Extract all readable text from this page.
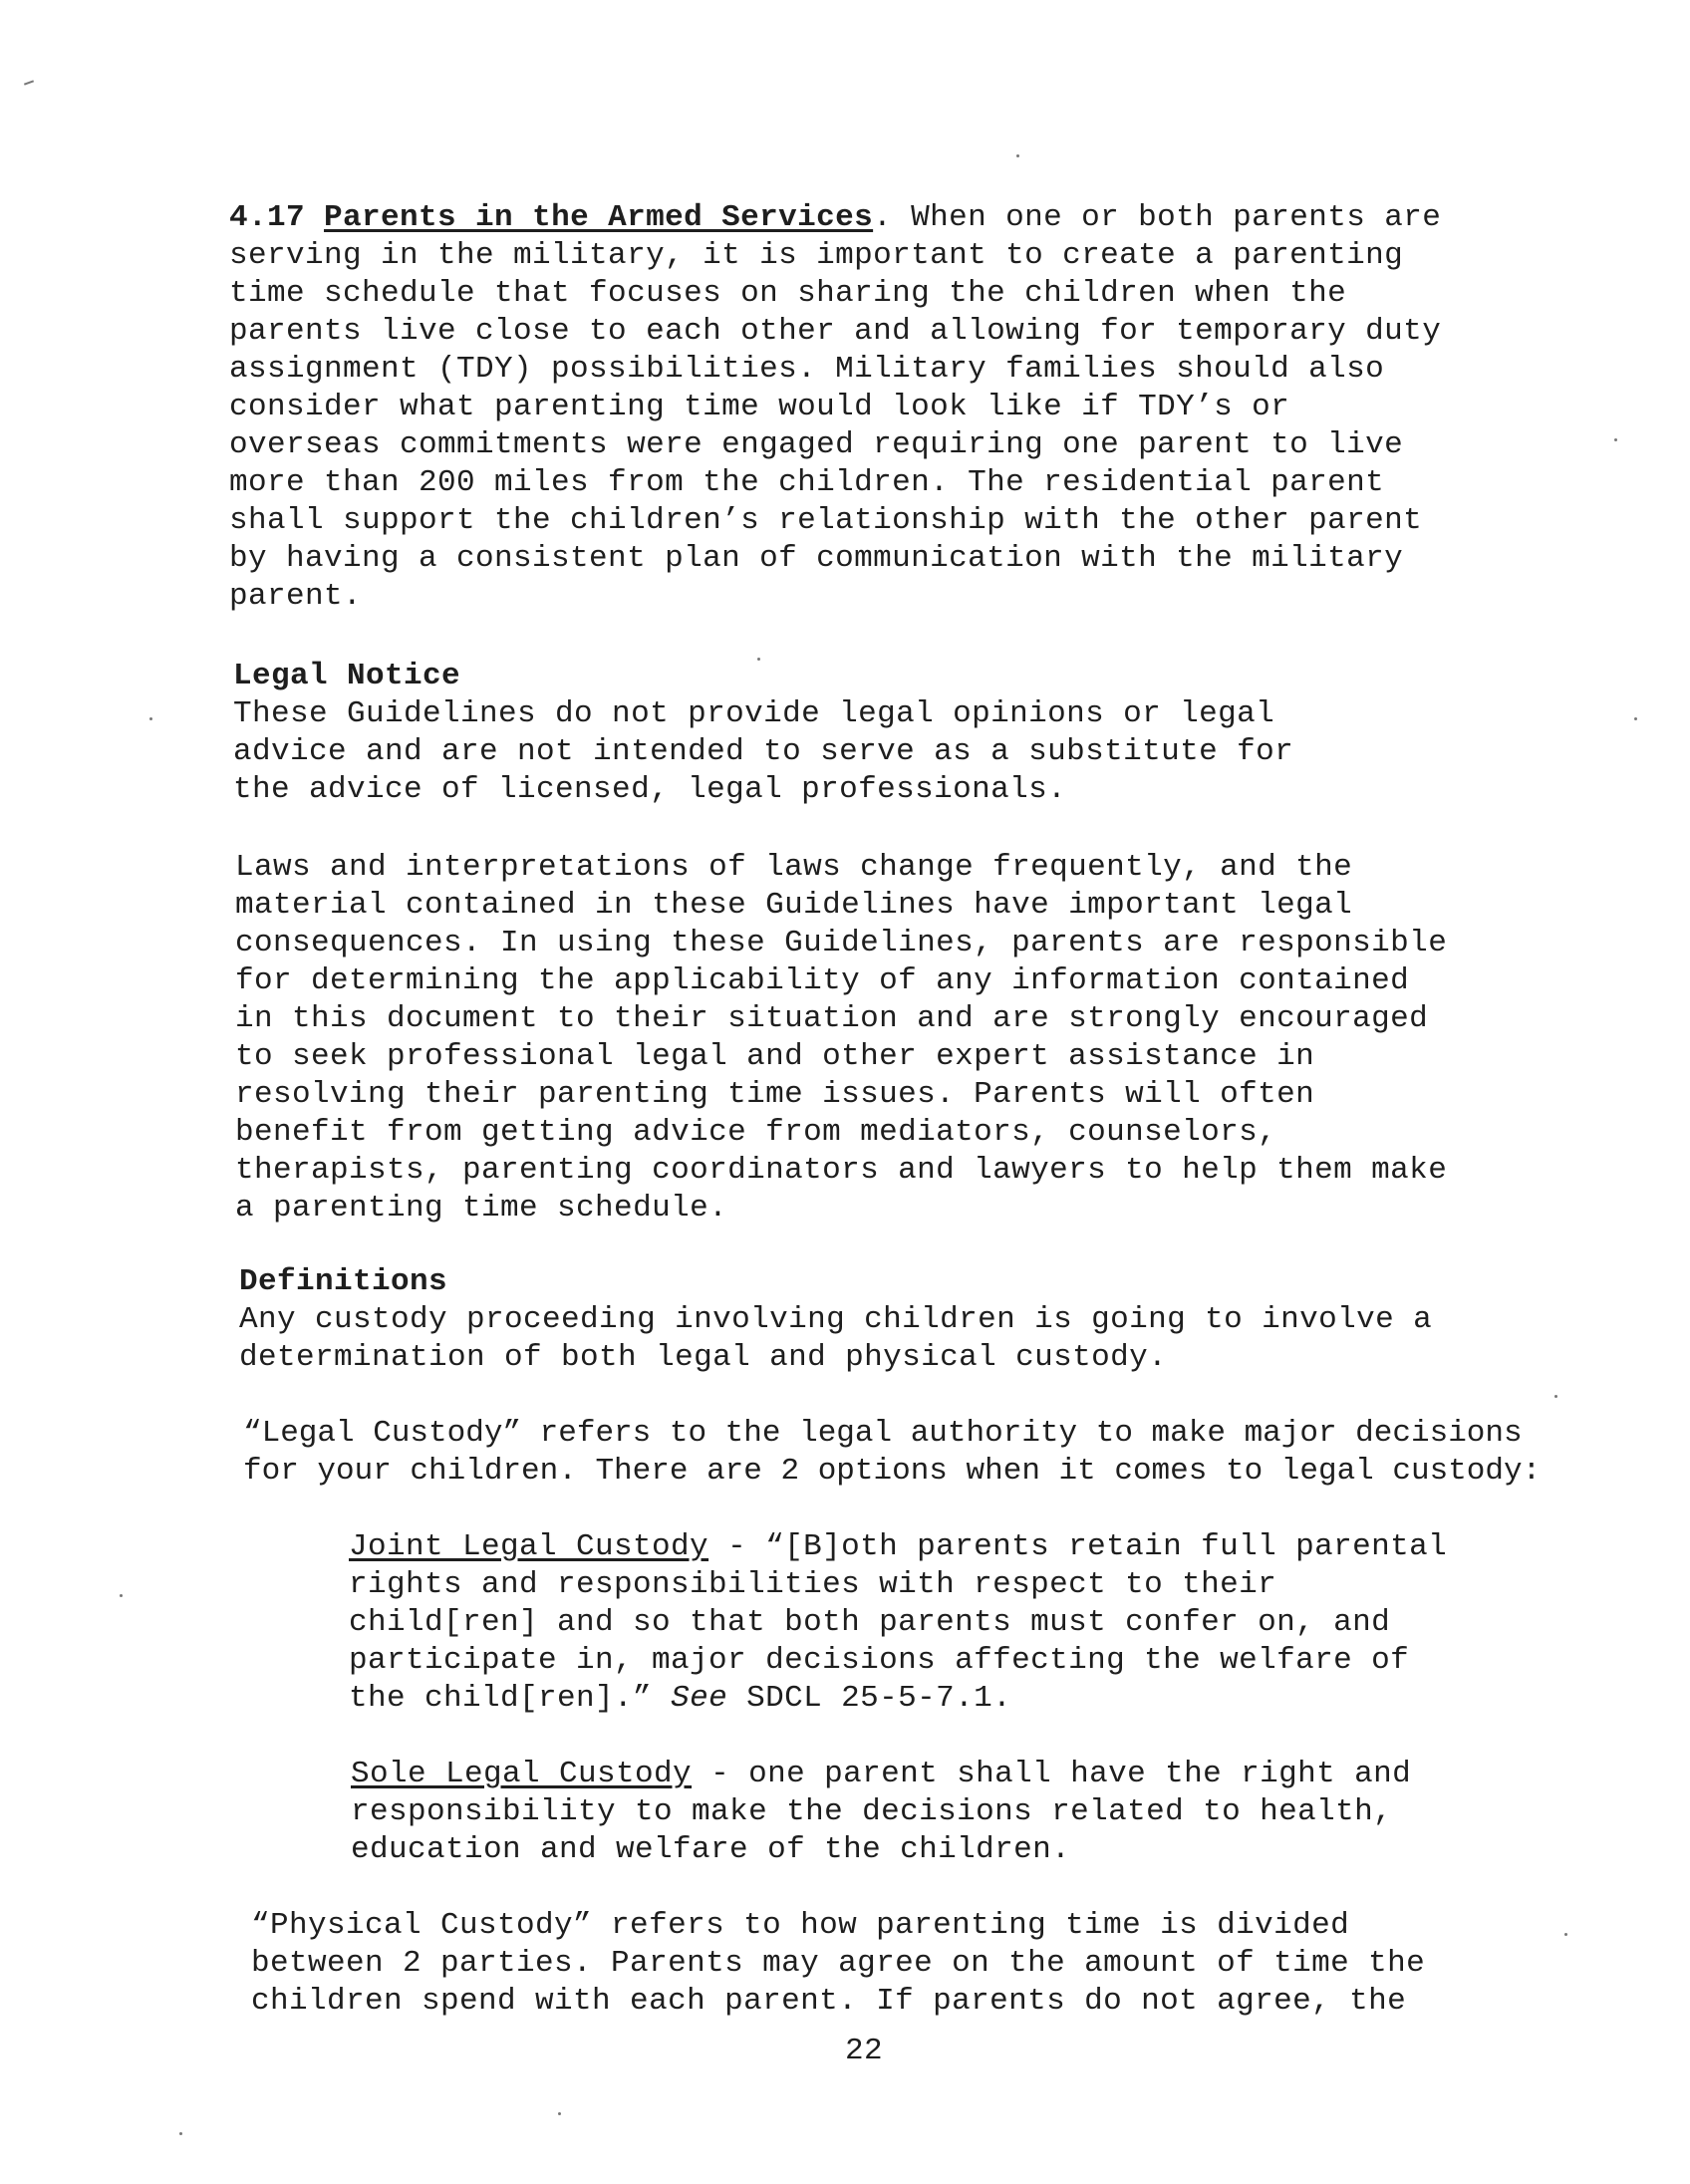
4.17 Parents in the Armed Services. When one or both parents are
serving in the military, it is important to create a parenting
time schedule that focuses on sharing the children when the
parents live close to each other and allowing for temporary duty
assignment (TDY) possibilities. Military families should also
consider what parenting time would look like if TDY’s or
overseas commitments were engaged requiring one parent to live
more than 200 miles from the children. The residential parent
shall support the children’s relationship with the other parent
by having a consistent plan of communication with the military
parent.
Legal Notice
These Guidelines do not provide legal opinions or legal
advice and are not intended to serve as a substitute for
the advice of licensed, legal professionals.
Laws and interpretations of laws change frequently, and the
material contained in these Guidelines have important legal
consequences. In using these Guidelines, parents are responsible
for determining the applicability of any information contained
in this document to their situation and are strongly encouraged
to seek professional legal and other expert assistance in
resolving their parenting time issues. Parents will often
benefit from getting advice from mediators, counselors,
therapists, parenting coordinators and lawyers to help them make
a parenting time schedule.
Definitions
Any custody proceeding involving children is going to involve a
determination of both legal and physical custody.
“Legal Custody” refers to the legal authority to make major decisions
for your children. There are 2 options when it comes to legal custody:
Joint Legal Custody - “[B]oth parents retain full parental
rights and responsibilities with respect to their
child[ren] and so that both parents must confer on, and
participate in, major decisions affecting the welfare of
the child[ren].” See SDCL 25-5-7.1.
Sole Legal Custody - one parent shall have the right and
responsibility to make the decisions related to health,
education and welfare of the children.
“Physical Custody” refers to how parenting time is divided
between 2 parties. Parents may agree on the amount of time the
children spend with each parent. If parents do not agree, the
22
